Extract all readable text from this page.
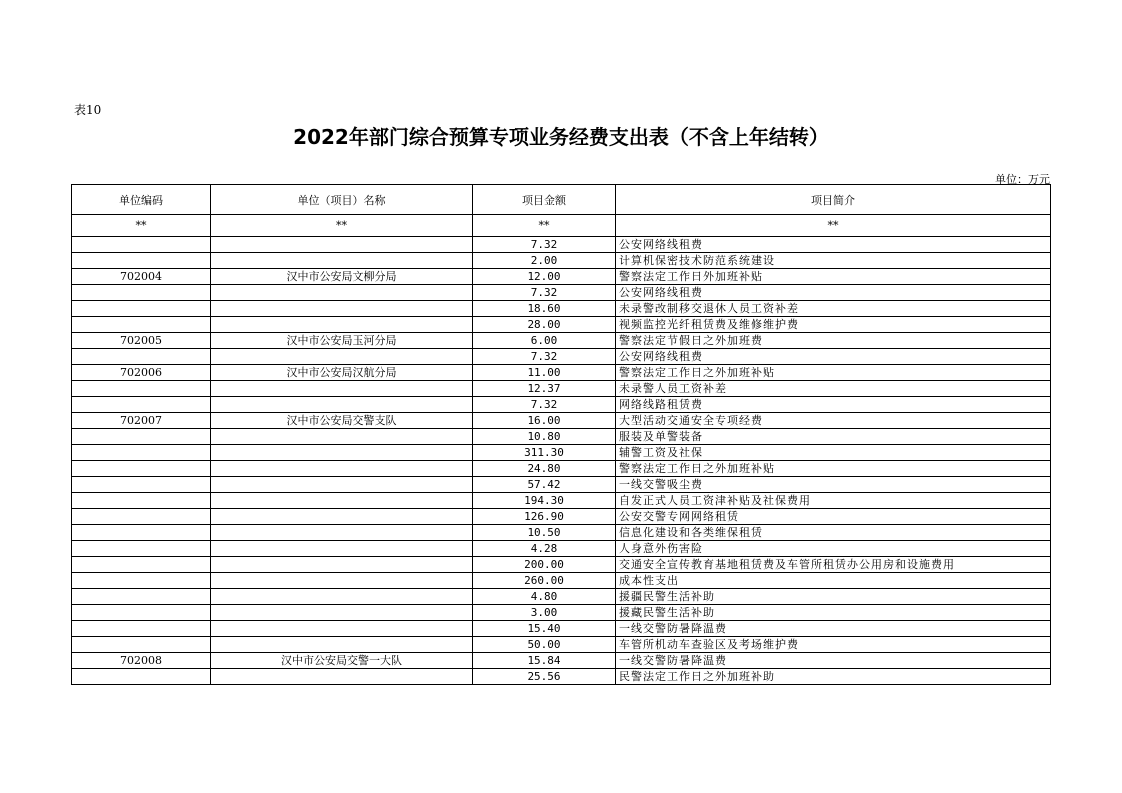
表10
2022年部门综合预算专项业务经费支出表（不含上年结转）
单位：万元
单位编码	单位（项目）名称	项目金额	项目简介
**	**	**	**
		7.32	公安网络线租费
		2.00	计算机保密技术防范系统建设
702004	汉中市公安局文柳分局	12.00	警察法定工作日外加班补贴
		7.32	公安网络线租费
		18.60	未录警改制移交退休人员工资补差
		28.00	视频监控光纤租赁费及维修维护费
702005	汉中市公安局玉河分局	6.00	警察法定节假日之外加班费
		7.32	公安网络线租费
702006	汉中市公安局汉航分局	11.00	警察法定工作日之外加班补贴
		12.37	未录警人员工资补差
		7.32	网络线路租赁费
702007	汉中市公安局交警支队	16.00	大型活动交通安全专项经费
		10.80	服装及单警装备
		311.30	辅警工资及社保
		24.80	警察法定工作日之外加班补贴
		57.42	一线交警吸尘费
		194.30	自发正式人员工资津补贴及社保费用
		126.90	公安交警专网网络租赁
		10.50	信息化建设和各类维保租赁
		4.28	人身意外伤害险
		200.00	交通安全宣传教育基地租赁费及车管所租赁办公用房和设施费用
		260.00	成本性支出
		4.80	援疆民警生活补助
		3.00	援藏民警生活补助
		15.40	一线交警防暑降温费
		50.00	车管所机动车查验区及考场维护费
702008	汉中市公安局交警一大队	15.84	一线交警防暑降温费
		25.56	民警法定工作日之外加班补助
